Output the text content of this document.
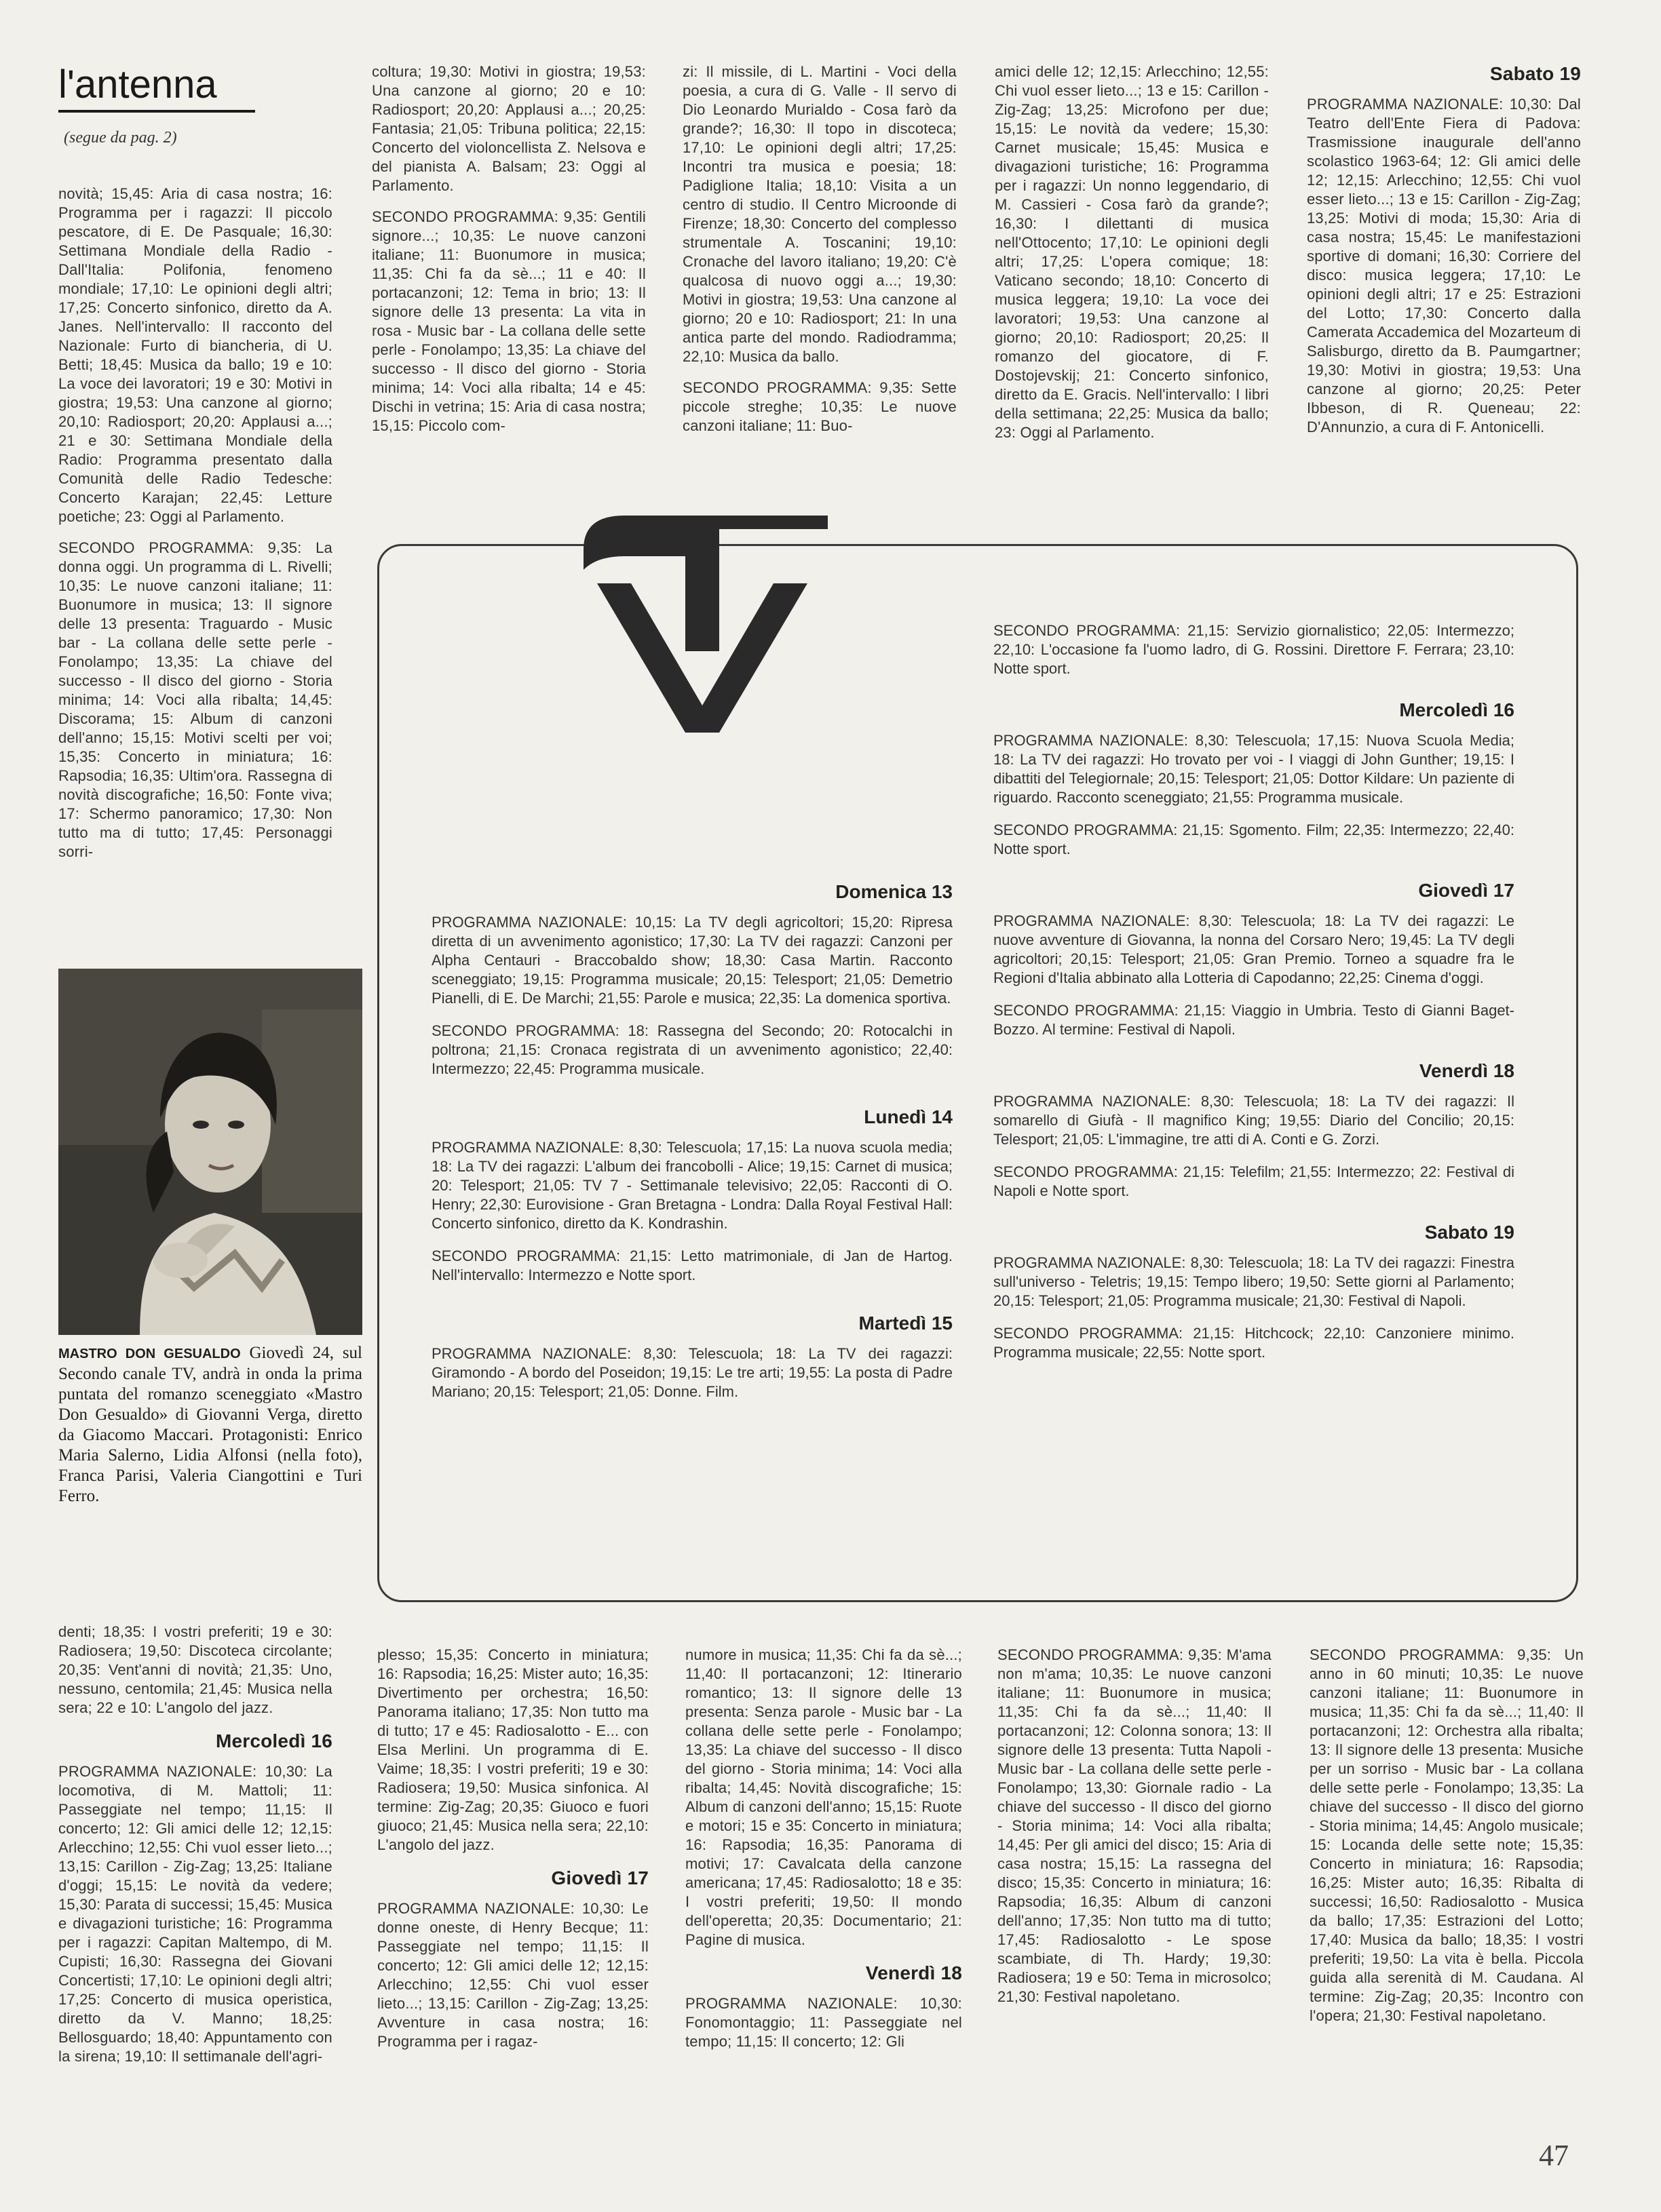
l'antenna
(segue da pag. 2)

novità; 15,45: Aria di casa nostra; 16: Programma per i ragazzi: Il piccolo pescatore, di E. De Pasquale; 16,30: Settimana Mondiale della Radio - Dall'Italia: Polifonia, fenomeno mondiale; 17,10: Le opinioni degli altri; 17,25: Concerto sinfonico, diretto da A. Janes. Nell'intervallo: Il racconto del Nazionale: Furto di biancheria, di U. Betti; 18,45: Musica da ballo; 19 e 10: La voce dei lavoratori; 19 e 30: Motivi in giostra; 19,53: Una canzone al giorno; 20,10: Radiosport; 20,20: Applausi a...; 21 e 30: Settimana Mondiale della Radio: Programma presentato dalla Comunità delle Radio Tedesche: Concerto Karajan; 22,45: Letture poetiche; 23: Oggi al Parlamento.

SECONDO PROGRAMMA: 9,35: La donna oggi. Un programma di L. Rivelli; 10,35: Le nuove canzoni italiane; 11: Buonumore in musica; 13: Il signore delle 13 presenta: Traguardo - Music bar - La collana delle sette perle - Fonolampo; 13,35: La chiave del successo - Il disco del giorno - Storia minima; 14: Voci alla ribalta; 14,45: Discorama; 15: Album di canzoni dell'anno; 15,15: Motivi scelti per voi; 15,35: Concerto in miniatura; 16: Rapsodia; 16,35: Ultim'ora. Rassegna di novità discografiche; 16,50: Fonte viva; 17: Schermo panoramico; 17,30: Non tutto ma di tutto; 17,45: Personaggi sorri-

coltura; 19,30: Motivi in giostra; 19,53: Una canzone al giorno; 20 e 10: Radiosport; 20,20: Applausi a...; 20,25: Fantasia; 21,05: Tribuna politica; 22,15: Concerto del violoncellista Z. Nelsova e del pianista A. Balsam; 23: Oggi al Parlamento.

SECONDO PROGRAMMA: 9,35: Gentili signore...; 10,35: Le nuove canzoni italiane; 11: Buonumore in musica; 11,35: Chi fa da sè...; 11 e 40: Il portacanzoni; 12: Tema in brio; 13: Il signore delle 13 presenta: La vita in rosa - Music bar - La collana delle sette perle - Fonolampo; 13,35: La chiave del successo - Il disco del giorno - Storia minima; 14: Voci alla ribalta; 14 e 45: Dischi in vetrina; 15: Aria di casa nostra; 15,15: Piccolo com-

zi: Il missile, di L. Martini - Voci della poesia, a cura di G. Valle - Il servo di Dio Leonardo Murialdo - Cosa farò da grande?; 16,30: Il topo in discoteca; 17,10: Le opinioni degli altri; 17,25: Incontri tra musica e poesia; 18: Padiglione Italia; 18,10: Visita a un centro di studio. Il Centro Microonde di Firenze; 18,30: Concerto del complesso strumentale A. Toscanini; 19,10: Cronache del lavoro italiano; 19,20: C'è qualcosa di nuovo oggi a...; 19,30: Motivi in giostra; 19,53: Una canzone al giorno; 20 e 10: Radiosport; 21: In una antica parte del mondo. Radiodramma; 22,10: Musica da ballo.

SECONDO PROGRAMMA: 9,35: Sette piccole streghe; 10,35: Le nuove canzoni italiane; 11: Buo-

amici delle 12; 12,15: Arlecchino; 12,55: Chi vuol esser lieto...; 13 e 15: Carillon - Zig-Zag; 13,25: Microfono per due; 15,15: Le novità da vedere; 15,30: Carnet musicale; 15,45: Musica e divagazioni turistiche; 16: Programma per i ragazzi: Un nonno leggendario, di M. Cassieri - Cosa farò da grande?; 16,30: I dilettanti di musica nell'Ottocento; 17,10: Le opinioni degli altri; 17,25: L'opera comique; 18: Vaticano secondo; 18,10: Concerto di musica leggera; 19,10: La voce dei lavoratori; 19,53: Una canzone al giorno; 20,10: Radiosport; 20,25: Il romanzo del giocatore, di F. Dostojevskij; 21: Concerto sinfonico, diretto da E. Gracis. Nell'intervallo: I libri della settimana; 22,25: Musica da ballo; 23: Oggi al Parlamento.

Sabato 19

PROGRAMMA NAZIONALE: 10,30: Dal Teatro dell'Ente Fiera di Padova: Trasmissione inaugurale dell'anno scolastico 1963-64; 12: Gli amici delle 12; 12,15: Arlecchino; 12,55: Chi vuol esser lieto...; 13 e 15: Carillon - Zig-Zag; 13,25: Motivi di moda; 15,30: Aria di casa nostra; 15,45: Le manifestazioni sportive di domani; 16,30: Corriere del disco: musica leggera; 17,10: Le opinioni degli altri; 17 e 25: Estrazioni del Lotto; 17,30: Concerto dalla Camerata Accademica del Mozarteum di Salisburgo, diretto da B. Paumgartner; 19,30: Motivi in giostra; 19,53: Una canzone al giorno; 20,25: Peter Ibbeson, di R. Queneau; 22: D'Annunzio, a cura di F. Antonicelli.

MASTRO DON GESUALDO Giovedì 24, sul Secondo canale TV, andrà in onda la prima puntata del romanzo sceneggiato «Mastro Don Gesualdo» di Giovanni Verga, diretto da Giacomo Maccari. Protagonisti: Enrico Maria Salerno, Lidia Alfonsi (nella foto), Franca Parisi, Valeria Ciangottini e Turi Ferro.
Domenica 13

PROGRAMMA NAZIONALE: 10,15: La TV degli agricoltori; 15,20: Ripresa diretta di un avvenimento agonistico; 17,30: La TV dei ragazzi: Canzoni per Alpha Centauri - Braccobaldo show; 18,30: Casa Martin. Racconto sceneggiato; 19,15: Programma musicale; 20,15: Telesport; 21,05: Demetrio Pianelli, di E. De Marchi; 21,55: Parole e musica; 22,35: La domenica sportiva.

SECONDO PROGRAMMA: 18: Rassegna del Secondo; 20: Rotocalchi in poltrona; 21,15: Cronaca registrata di un avvenimento agonistico; 22,40: Intermezzo; 22,45: Programma musicale.

Lunedì 14

PROGRAMMA NAZIONALE: 8,30: Telescuola; 17,15: La nuova scuola media; 18: La TV dei ragazzi: L'album dei francobolli - Alice; 19,15: Carnet di musica; 20: Telesport; 21,05: TV 7 - Settimanale televisivo; 22,05: Racconti di O. Henry; 22,30: Eurovisione - Gran Bretagna - Londra: Dalla Royal Festival Hall: Concerto sinfonico, diretto da K. Kondrashin.

SECONDO PROGRAMMA: 21,15: Letto matrimoniale, di Jan de Hartog. Nell'intervallo: Intermezzo e Notte sport.

Martedì 15

PROGRAMMA NAZIONALE: 8,30: Telescuola; 18: La TV dei ragazzi: Giramondo - A bordo del Poseidon; 19,15: Le tre arti; 19,55: La posta di Padre Mariano; 20,15: Telesport; 21,05: Donne. Film.

SECONDO PROGRAMMA: 21,15: Servizio giornalistico; 22,05: Intermezzo; 22,10: L'occasione fa l'uomo ladro, di G. Rossini. Direttore F. Ferrara; 23,10: Notte sport.

Mercoledì 16

PROGRAMMA NAZIONALE: 8,30: Telescuola; 17,15: Nuova Scuola Media; 18: La TV dei ragazzi: Ho trovato per voi - I viaggi di John Gunther; 19,15: I dibattiti del Telegiornale; 20,15: Telesport; 21,05: Dottor Kildare: Un paziente di riguardo. Racconto sceneggiato; 21,55: Programma musicale.

SECONDO PROGRAMMA: 21,15: Sgomento. Film; 22,35: Intermezzo; 22,40: Notte sport.

Giovedì 17

PROGRAMMA NAZIONALE: 8,30: Telescuola; 18: La TV dei ragazzi: Le nuove avventure di Giovanna, la nonna del Corsaro Nero; 19,45: La TV degli agricoltori; 20,15: Telesport; 21,05: Gran Premio. Torneo a squadre fra le Regioni d'Italia abbinato alla Lotteria di Capodanno; 22,25: Cinema d'oggi.

SECONDO PROGRAMMA: 21,15: Viaggio in Umbria. Testo di Gianni Baget-Bozzo. Al termine: Festival di Napoli.

Venerdì 18

PROGRAMMA NAZIONALE: 8,30: Telescuola; 18: La TV dei ragazzi: Il somarello di Giufà - Il magnifico King; 19,55: Diario del Concilio; 20,15: Telesport; 21,05: L'immagine, tre atti di A. Conti e G. Zorzi.

SECONDO PROGRAMMA: 21,15: Telefilm; 21,55: Intermezzo; 22: Festival di Napoli e Notte sport.

Sabato 19

PROGRAMMA NAZIONALE: 8,30: Telescuola; 18: La TV dei ragazzi: Finestra sull'universo - Teletris; 19,15: Tempo libero; 19,50: Sette giorni al Parlamento; 20,15: Telesport; 21,05: Programma musicale; 21,30: Festival di Napoli.

SECONDO PROGRAMMA: 21,15: Hitchcock; 22,10: Canzoniere minimo. Programma musicale; 22,55: Notte sport.

denti; 18,35: I vostri preferiti; 19 e 30: Radiosera; 19,50: Discoteca circolante; 20,35: Vent'anni di novità; 21,35: Uno, nessuno, centomila; 21,45: Musica nella sera; 22 e 10: L'angolo del jazz.

Mercoledì 16

PROGRAMMA NAZIONALE: 10,30: La locomotiva, di M. Mattoli; 11: Passeggiate nel tempo; 11,15: Il concerto; 12: Gli amici delle 12; 12,15: Arlecchino; 12,55: Chi vuol esser lieto...; 13,15: Carillon - Zig-Zag; 13,25: Italiane d'oggi; 15,15: Le novità da vedere; 15,30: Parata di successi; 15,45: Musica e divagazioni turistiche; 16: Programma per i ragazzi: Capitan Maltempo, di M. Cupisti; 16,30: Rassegna dei Giovani Concertisti; 17,10: Le opinioni degli altri; 17,25: Concerto di musica operistica, diretto da V. Manno; 18,25: Bellosguardo; 18,40: Appuntamento con la sirena; 19,10: Il settimanale dell'agri-

plesso; 15,35: Concerto in miniatura; 16: Rapsodia; 16,25: Mister auto; 16,35: Divertimento per orchestra; 16,50: Panorama italiano; 17,35: Non tutto ma di tutto; 17 e 45: Radiosalotto - E... con Elsa Merlini. Un programma di E. Vaime; 18,35: I vostri preferiti; 19 e 30: Radiosera; 19,50: Musica sinfonica. Al termine: Zig-Zag; 20,35: Giuoco e fuori giuoco; 21,45: Musica nella sera; 22,10: L'angolo del jazz.

Giovedì 17

PROGRAMMA NAZIONALE: 10,30: Le donne oneste, di Henry Becque; 11: Passeggiate nel tempo; 11,15: Il concerto; 12: Gli amici delle 12; 12,15: Arlecchino; 12,55: Chi vuol esser lieto...; 13,15: Carillon - Zig-Zag; 13,25: Avventure in casa nostra; 16: Programma per i ragaz-

numore in musica; 11,35: Chi fa da sè...; 11,40: Il portacanzoni; 12: Itinerario romantico; 13: Il signore delle 13 presenta: Senza parole - Music bar - La collana delle sette perle - Fonolampo; 13,35: La chiave del successo - Il disco del giorno - Storia minima; 14: Voci alla ribalta; 14,45: Novità discografiche; 15: Album di canzoni dell'anno; 15,15: Ruote e motori; 15 e 35: Concerto in miniatura; 16: Rapsodia; 16,35: Panorama di motivi; 17: Cavalcata della canzone americana; 17,45: Radiosalotto; 18 e 35: I vostri preferiti; 19,50: Il mondo dell'operetta; 20,35: Documentario; 21: Pagine di musica.

Venerdì 18

PROGRAMMA NAZIONALE: 10,30: Fonomontaggio; 11: Passeggiate nel tempo; 11,15: Il concerto; 12: Gli

SECONDO PROGRAMMA: 9,35: M'ama non m'ama; 10,35: Le nuove canzoni italiane; 11: Buonumore in musica; 11,35: Chi fa da sè...; 11,40: Il portacanzoni; 12: Colonna sonora; 13: Il signore delle 13 presenta: Tutta Napoli - Music bar - La collana delle sette perle - Fonolampo; 13,30: Giornale radio - La chiave del successo - Il disco del giorno - Storia minima; 14: Voci alla ribalta; 14,45: Per gli amici del disco; 15: Aria di casa nostra; 15,15: La rassegna del disco; 15,35: Concerto in miniatura; 16: Rapsodia; 16,35: Album di canzoni dell'anno; 17,35: Non tutto ma di tutto; 17,45: Radiosalotto - Le spose scambiate, di Th. Hardy; 19,30: Radiosera; 19 e 50: Tema in microsolco; 21,30: Festival napoletano.

SECONDO PROGRAMMA: 9,35: Un anno in 60 minuti; 10,35: Le nuove canzoni italiane; 11: Buonumore in musica; 11,35: Chi fa da sè...; 11,40: Il portacanzoni; 12: Orchestra alla ribalta; 13: Il signore delle 13 presenta: Musiche per un sorriso - Music bar - La collana delle sette perle - Fonolampo; 13,35: La chiave del successo - Il disco del giorno - Storia minima; 14,45: Angolo musicale; 15: Locanda delle sette note; 15,35: Concerto in miniatura; 16: Rapsodia; 16,25: Mister auto; 16,35: Ribalta di successi; 16,50: Radiosalotto - Musica da ballo; 17,35: Estrazioni del Lotto; 17,40: Musica da ballo; 18,35: I vostri preferiti; 19,50: La vita è bella. Piccola guida alla serenità di M. Caudana. Al termine: Zig-Zag; 20,35: Incontro con l'opera; 21,30: Festival napoletano.

47
